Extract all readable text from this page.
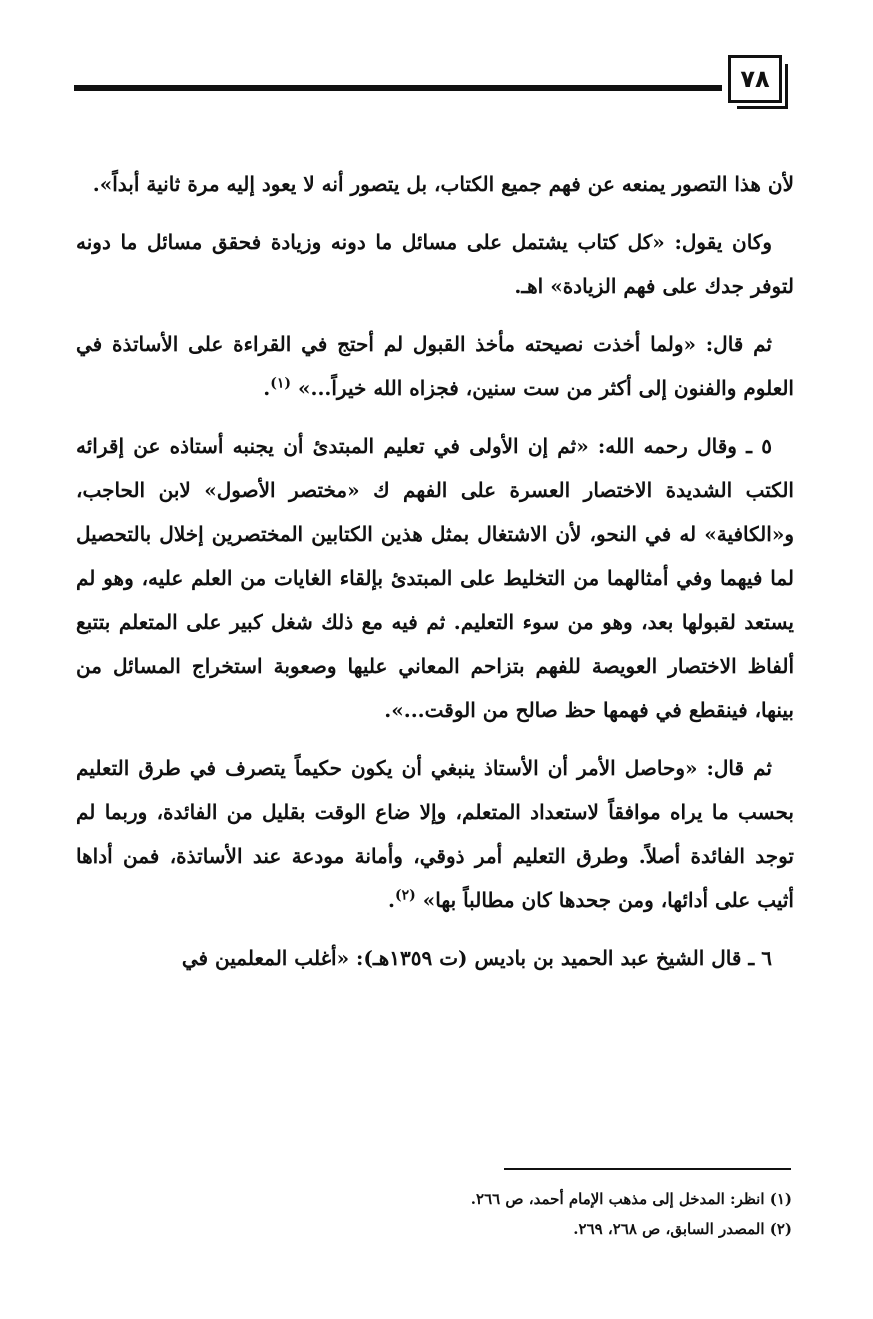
٧٨

لأن هذا التصور يمنعه عن فهم جميع الكتاب، بل يتصور أنه لا يعود إليه مرة ثانية أبداً».

وكان يقول: «كل كتاب يشتمل على مسائل ما دونه وزيادة فحقق مسائل ما دونه لتوفر جدك على فهم الزيادة» اهـ.

ثم قال: «ولما أخذت نصيحته مأخذ القبول لم أحتج في القراءة على الأساتذة في العلوم والفنون إلى أكثر من ست سنين، فجزاه الله خيراً...» $^{(١)}$.

٥ ـ وقال رحمه الله: «ثم إن الأولى في تعليم المبتدئ أن يجنبه أستاذه عن إقرائه الكتب الشديدة الاختصار العسرة على الفهم ك «مختصر الأصول» لابن الحاجب، و«الكافية» له في النحو، لأن الاشتغال بمثل هذين الكتابين المختصرين إخلال بالتحصيل لما فيهما وفي أمثالهما من التخليط على المبتدئ بإلقاء الغايات من العلم عليه، وهو لم يستعد لقبولها بعد، وهو من سوء التعليم. ثم فيه مع ذلك شغل كبير على المتعلم بتتبع ألفاظ الاختصار العويصة للفهم بتزاحم المعاني عليها وصعوبة استخراج المسائل من بينها، فينقطع في فهمها حظ صالح من الوقت...».

ثم قال: «وحاصل الأمر أن الأستاذ ينبغي أن يكون حكيماً يتصرف في طرق التعليم بحسب ما يراه موافقاً لاستعداد المتعلم، وإلا ضاع الوقت بقليل من الفائدة، وربما لم توجد الفائدة أصلاً. وطرق التعليم أمر ذوقي، وأمانة مودعة عند الأساتذة، فمن أداها أثيب على أدائها، ومن جحدها كان مطالباً بها» $^{(٢)}$.

٦ ـ قال الشيخ عبد الحميد بن باديس (ت ١٣٥٩هـ): «أغلب المعلمين في

(١) انظر: المدخل إلى مذهب الإمام أحمد، ص ٢٦٦.

(٢) المصدر السابق، ص ٢٦٨، ٢٦٩.
